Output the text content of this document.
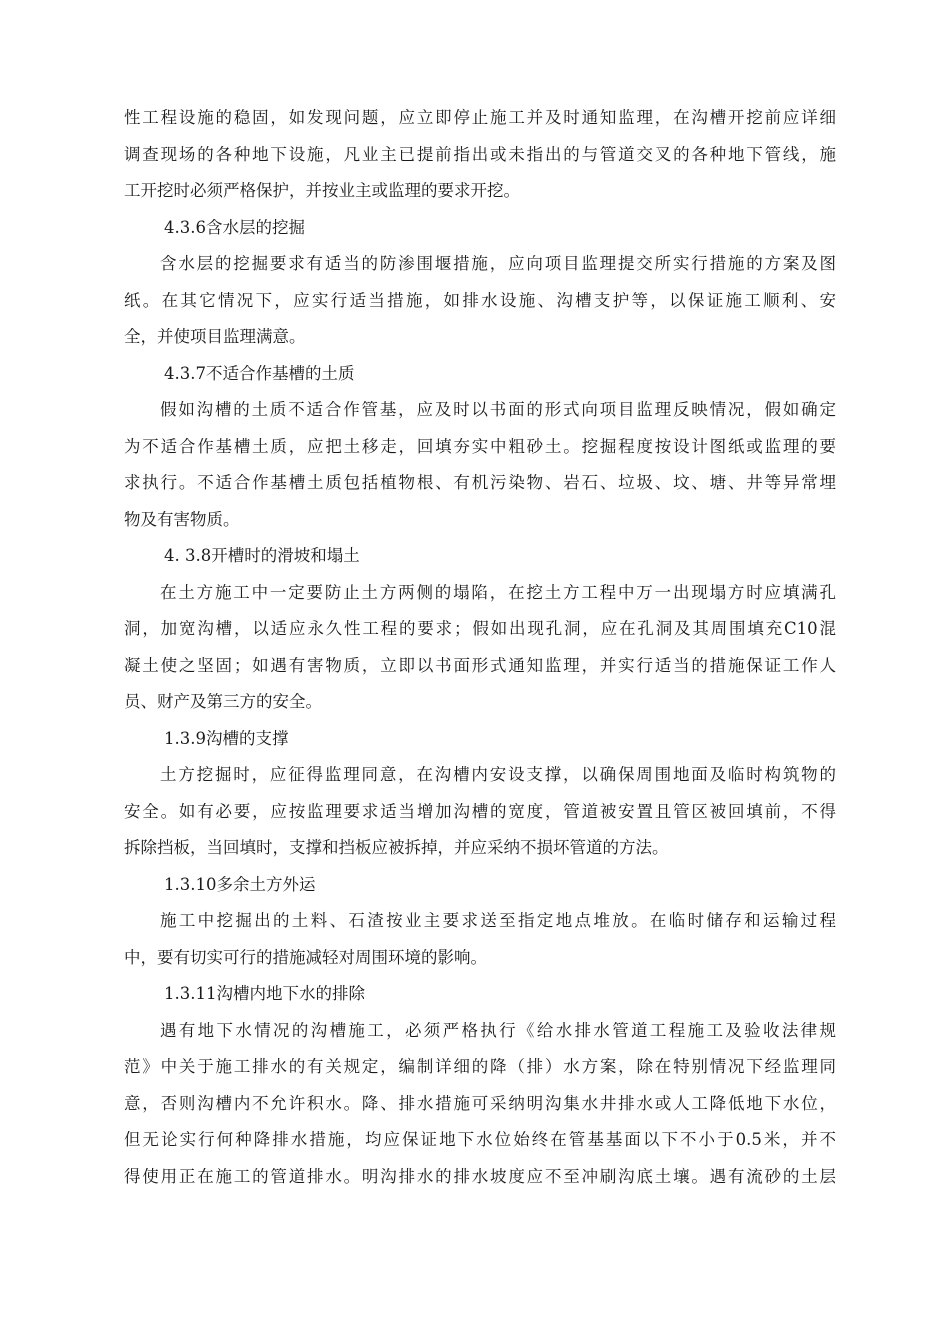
性工程设施的稳固，如发现问题，应立即停止施工并及时通知监理，在沟槽开挖前应详细
调查现场的各种地下设施，凡业主已提前指出或未指出的与管道交叉的各种地下管线，施
工开挖时必须严格保护，并按业主或监理的要求开挖。
4.3.6含水层的挖掘
含水层的挖掘要求有适当的防渗围堰措施，应向项目监理提交所实行措施的方案及图
纸。在其它情况下，应实行适当措施，如排水设施、沟槽支护等，以保证施工顺利、安
全，并使项目监理满意。
4.3.7不适合作基槽的土质
假如沟槽的土质不适合作管基，应及时以书面的形式向项目监理反映情况，假如确定
为不适合作基槽土质，应把土移走，回填夯实中粗砂土。挖掘程度按设计图纸或监理的要
求执行。不适合作基槽土质包括植物根、有机污染物、岩石、垃圾、坟、塘、井等异常埋
物及有害物质。
4. 3.8开槽时的滑坡和塌土
在土方施工中一定要防止土方两侧的塌陷，在挖土方工程中万一出现塌方时应填满孔
洞，加宽沟槽，以适应永久性工程的要求；假如出现孔洞，应在孔洞及其周围填充C10混
凝土使之坚固；如遇有害物质，立即以书面形式通知监理，并实行适当的措施保证工作人
员、财产及第三方的安全。
1.3.9沟槽的支撑
土方挖掘时，应征得监理同意，在沟槽内安设支撑，以确保周围地面及临时构筑物的
安全。如有必要，应按监理要求适当增加沟槽的宽度，管道被安置且管区被回填前，不得
拆除挡板，当回填时，支撑和挡板应被拆掉，并应采纳不损坏管道的方法。
1.3.10多余土方外运
施工中挖掘出的土料、石渣按业主要求送至指定地点堆放。在临时储存和运输过程
中，要有切实可行的措施减轻对周围环境的影响。
1.3.11沟槽内地下水的排除
遇有地下水情况的沟槽施工，必须严格执行《给水排水管道工程施工及验收法律规
范》中关于施工排水的有关规定，编制详细的降（排）水方案，除在特别情况下经监理同
意，否则沟槽内不允许积水。降、排水措施可采纳明沟集水井排水或人工降低地下水位，
但无论实行何种降排水措施，均应保证地下水位始终在管基基面以下不小于0.5米，并不
得使用正在施工的管道排水。明沟排水的排水坡度应不至冲刷沟底土壤。遇有流砂的土层
